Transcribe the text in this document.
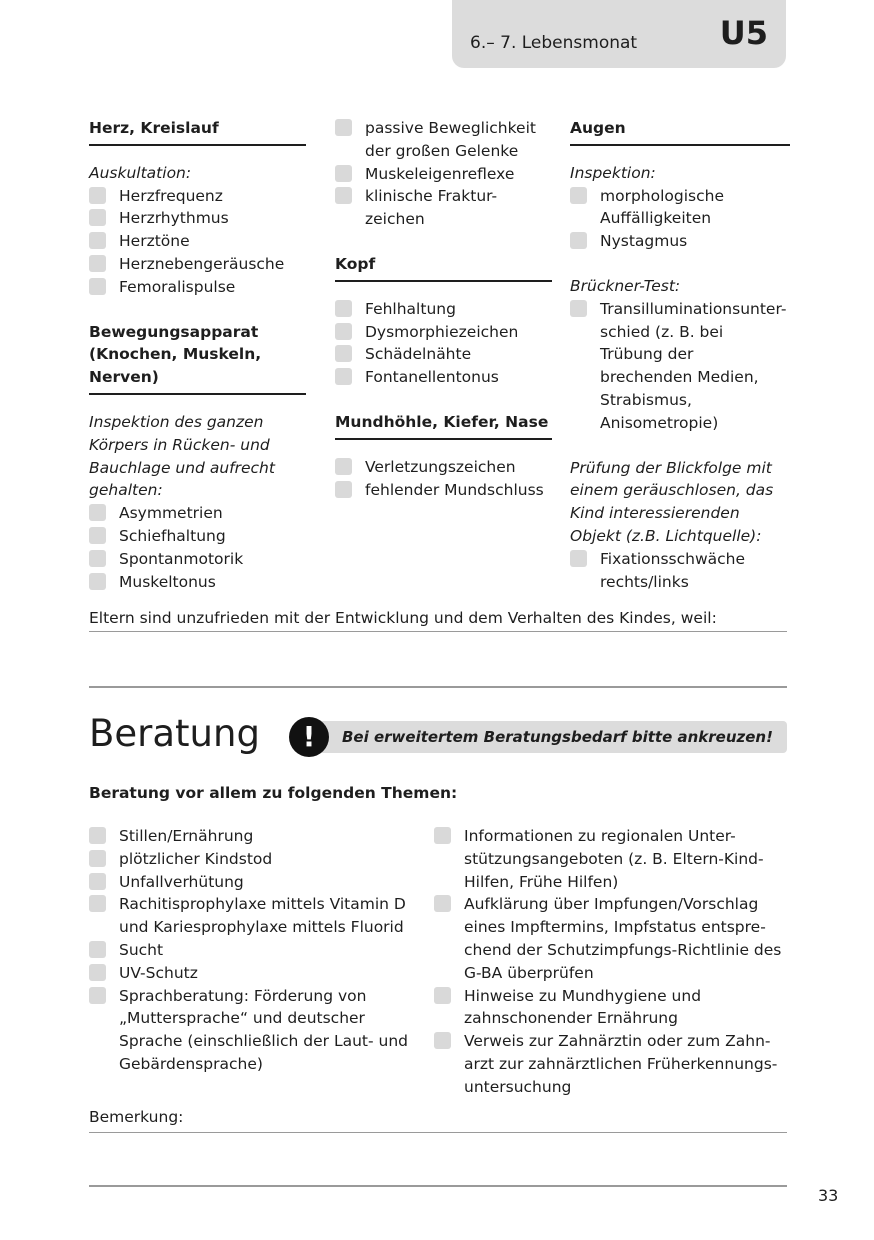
6.– 7. Lebensmonat	U5
Herz, Kreislauf
Auskultation:
Herzfrequenz
Herzrhythmus
Herztöne
Herznebengeräusche
Femoralispulse
Bewegungsapparat (Knochen, Muskeln, Nerven)
Inspektion des ganzen Körpers in Rücken- und Bauchlage und aufrecht gehalten:
Asymmetrien
Schiefhaltung
Spontanmotorik
Muskeltonus
passive Beweglichkeit der großen Gelenke
Muskeleigenreflexe
klinische Fraktur-zeichen
Kopf
Fehlhaltung
Dysmorphiezeichen
Schädelnähte
Fontanellentonus
Mundhöhle, Kiefer, Nase
Verletzungszeichen
fehlender Mundschluss
Augen
Inspektion:
morphologische Auffälligkeiten
Nystagmus
Brückner-Test:
Transilluminationsunter-schied (z. B. bei Trübung der brechenden Medien, Strabismus, Anisometropie)
Prüfung der Blickfolge mit einem geräuschlosen, das Kind interessierenden Objekt (z.B. Lichtquelle):
Fixationsschwäche rechts/links
Eltern sind unzufrieden mit der Entwicklung und dem Verhalten des Kindes, weil:
Beratung	!	Bei erweitertem Beratungsbedarf bitte ankreuzen!
Beratung vor allem zu folgenden Themen:
Stillen/Ernährung
plötzlicher Kindstod
Unfallverhütung
Rachitisprophylaxe mittels Vitamin D und Kariesprophylaxe mittels Fluorid
Sucht
UV-Schutz
Sprachberatung: Förderung von „Muttersprache“ und deutscher Sprache (einschließlich der Laut- und Gebärdensprache)
Informationen zu regionalen Unter-stützungsangeboten (z. B. Eltern-Kind-Hilfen, Frühe Hilfen)
Aufklärung über Impfungen/Vorschlag eines Impftermins, Impfstatus entspre-chend der Schutzimpfungs-Richtlinie des G-BA überprüfen
Hinweise zu Mundhygiene und zahnschonender Ernährung
Verweis zur Zahnärztin oder zum Zahn-arzt zur zahnärztlichen Früherkennungs-untersuchung
Bemerkung:
33
